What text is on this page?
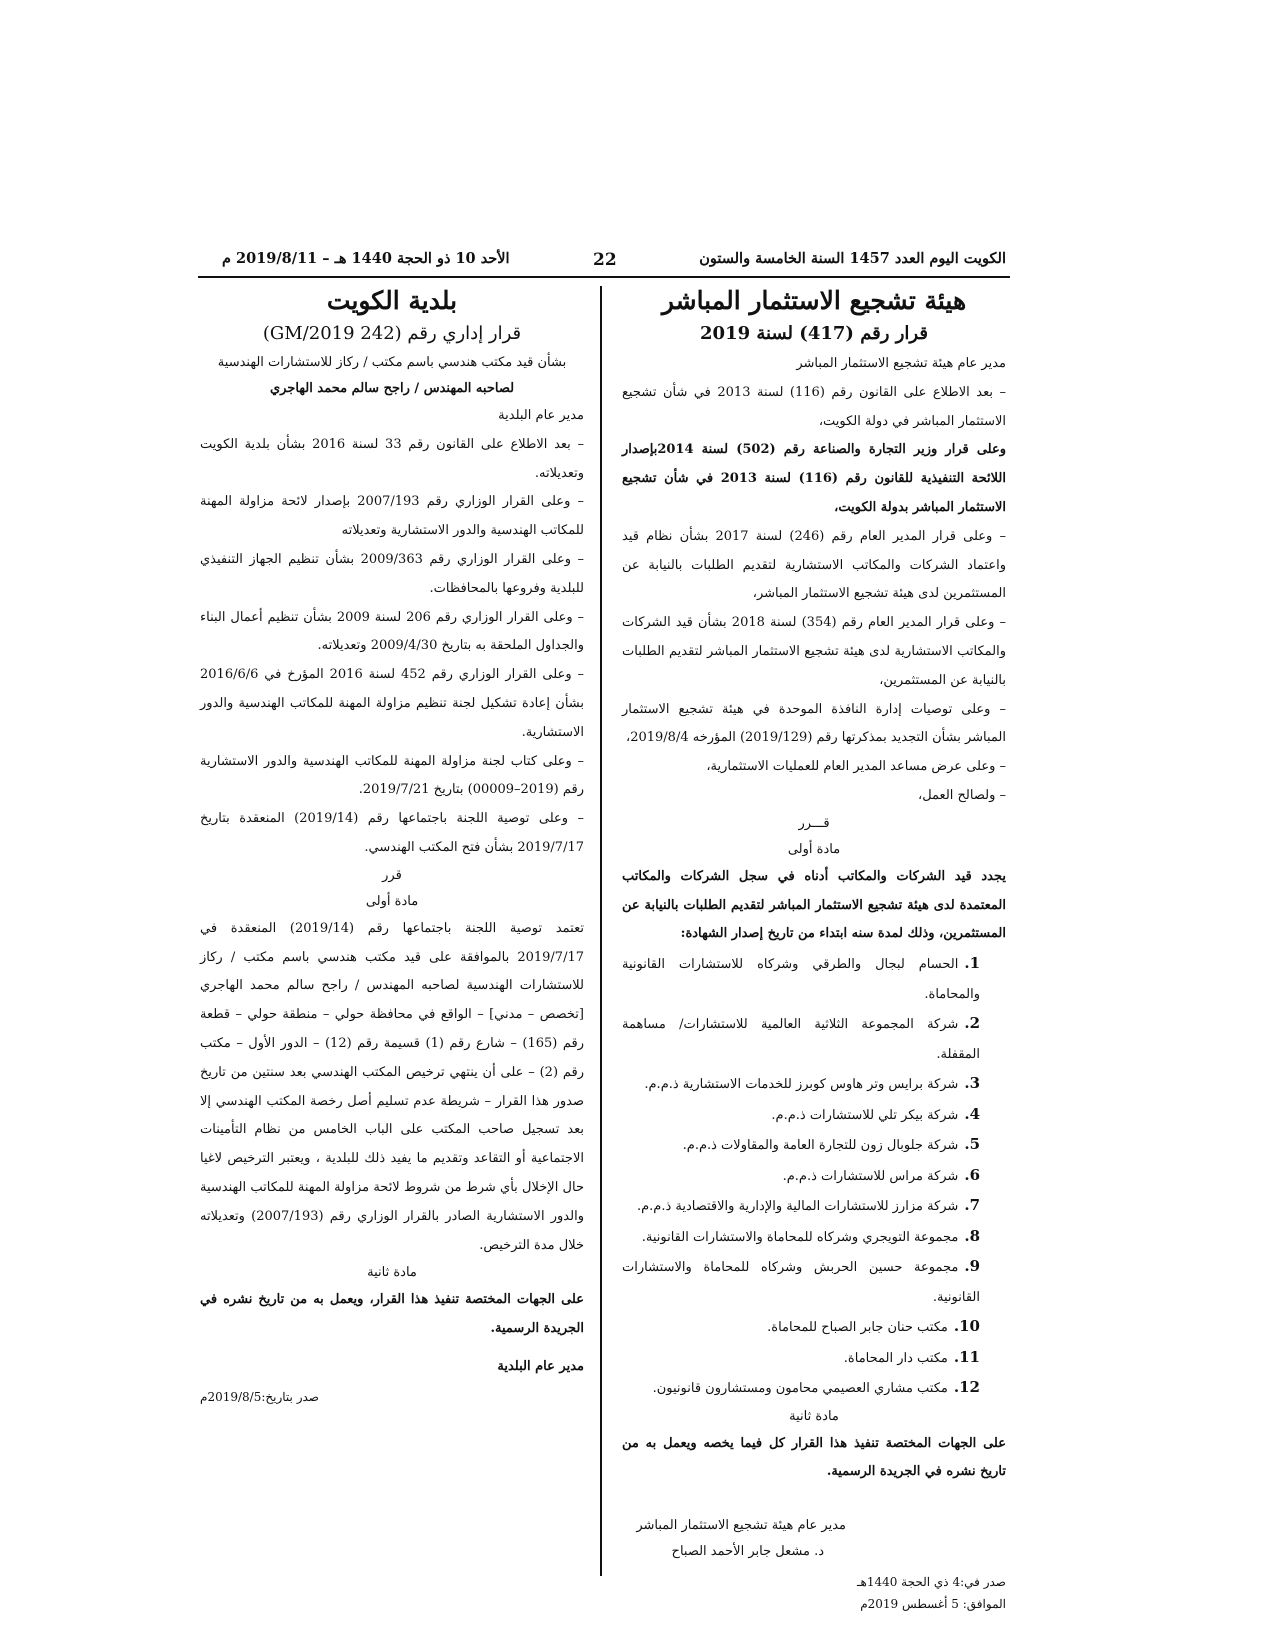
الكويت اليوم العدد 1457 السنة الخامسة والستون
22
الأحد 10 ذو الحجة 1440 هـ – 2019/8/11 م
هيئة تشجيع الاستثمار المباشر
قرار رقم (417) لسنة 2019

مدير عام هيئة تشجيع الاستثمار المباشر

– بعد الاطلاع على القانون رقم (116) لسنة 2013 في شأن تشجيع الاستثمار المباشر في دولة الكويت،

وعلى قرار وزير التجارة والصناعة رقم (502) لسنة 2014بإصدار اللائحة التنفيذية للقانون رقم (116) لسنة 2013 في شأن تشجيع الاستثمار المباشر بدولة الكويت،

– وعلى قرار المدير العام رقم (246) لسنة 2017 بشأن نظام قيد واعتماد الشركات والمكاتب الاستشارية لتقديم الطلبات بالنيابة عن المستثمرين لدى هيئة تشجيع الاستثمار المباشر،

– وعلى قرار المدير العام رقم (354) لسنة 2018 بشأن قيد الشركات والمكاتب الاستشارية لدى هيئة تشجيع الاستثمار المباشر لتقديم الطلبات بالنيابة عن المستثمرين،

– وعلى توصيات إدارة النافذة الموحدة في هيئة تشجيع الاستثمار المباشر بشأن التجديد بمذكرتها رقم (2019/129) المؤرخه 2019/8/4،

– وعلى عرض مساعد المدير العام للعمليات الاستثمارية،

– ولصالح العمل،

قـــرر
مادة أولى

يجدد قيد الشركات والمكاتب أدناه في سجل الشركات والمكاتب المعتمدة لدى هيئة تشجيع الاستثمار المباشر لتقديم الطلبات بالنيابة عن المستثمرين، وذلك لمدة سنه ابتداء من تاريخ إصدار الشهادة:

1.الحسام لبجال والطرقي وشركاه للاستشارات القانونية والمحاماة.
2.شركة المجموعة الثلاثية العالمية للاستشارات/ مساهمة المقفلة.
3.شركة برايس وتر هاوس كوبرز للخدمات الاستشارية ذ.م.م.
4.شركة بيكر تلي للاستشارات ذ.م.م.
5.شركة جلوبال زون للتجارة العامة والمقاولات ذ.م.م.
6.شركة مراس للاستشارات ذ.م.م.
7.شركة مزارز للاستشارات المالية والإدارية والاقتصادية ذ.م.م.
8.مجموعة التويجري وشركاه للمحاماة والاستشارات القانونية.
9.مجموعة حسين الحربش وشركاه للمحاماة والاستشارات القانونية.
10.مكتب حنان جابر الصباح للمحاماة.
11.مكتب دار المحاماة.
12.مكتب مشاري العصيمي محامون ومستشارون قانونيون.
مادة ثانية

على الجهات المختصة تنفيذ هذا القرار كل فيما يخصه ويعمل به من تاريخ نشره في الجريدة الرسمية.

مدير عام هيئة تشجيع الاستثمار المباشر
د. مشعل جابر الأحمد الصباح
صدر في:4 ذي الحجة 1440هـ
الموافق: 5 أغسطس 2019م
بلدية الكويت
قرار إداري رقم (242 GM/2019)
بشأن قيد مكتب هندسي باسم مكتب / ركاز للاستشارات الهندسية
لصاحبه المهندس / راجح سالم محمد الهاجري

مدير عام البلدية

– بعد الاطلاع على القانون رقم 33 لسنة 2016 بشأن بلدية الكويت وتعديلاته.

– وعلى القرار الوزاري رقم 2007/193 بإصدار لائحة مزاولة المهنة للمكاتب الهندسية والدور الاستشارية وتعديلاته

– وعلى القرار الوزاري رقم 2009/363 بشأن تنظيم الجهاز التنفيذي للبلدية وفروعها بالمحافظات.

– وعلى القرار الوزاري رقم 206 لسنة 2009 بشأن تنظيم أعمال البناء والجداول الملحقة به بتاريخ 2009/4/30 وتعديلاته.

– وعلى القرار الوزاري رقم 452 لسنة 2016 المؤرخ في 2016/6/6 بشأن إعادة تشكيل لجنة تنظيم مزاولة المهنة للمكاتب الهندسية والدور الاستشارية.

– وعلى كتاب لجنة مزاولة المهنة للمكاتب الهندسية والدور الاستشارية رقم (2019–00009) بتاريخ 2019/7/21.

– وعلى توصية اللجنة باجتماعها رقم (2019/14) المنعقدة بتاريخ 2019/7/17 بشأن فتح المكتب الهندسي.

قرر
مادة أولى

تعتمد توصية اللجنة باجتماعها رقم (2019/14) المنعقدة في 2019/7/17 بالموافقة على قيد مكتب هندسي باسم مكتب / ركاز للاستشارات الهندسية لصاحبه المهندس / راجح سالم محمد الهاجري [تخصص – مدني] – الواقع في محافظة حولي – منطقة حولي – قطعة رقم (165) – شارع رقم (1) قسيمة رقم (12) – الدور الأول – مكتب رقم (2) – على أن ينتهي ترخيص المكتب الهندسي بعد سنتين من تاريخ صدور هذا القرار – شريطة عدم تسليم أصل رخصة المكتب الهندسي إلا بعد تسجيل صاحب المكتب على الباب الخامس من نظام التأمينات الاجتماعية أو التقاعد وتقديم ما يفيد ذلك للبلدية ، ويعتبر الترخيص لاغيا حال الإخلال بأي شرط من شروط لائحة مزاولة المهنة للمكاتب الهندسية والدور الاستشارية الصادر بالقرار الوزاري رقم (2007/193) وتعديلاته خلال مدة الترخيص.

مادة ثانية

على الجهات المختصة تنفيذ هذا القرار، ويعمل به من تاريخ نشره في الجريدة الرسمية.

مدير عام البلدية
صدر بتاريخ:2019/8/5م
